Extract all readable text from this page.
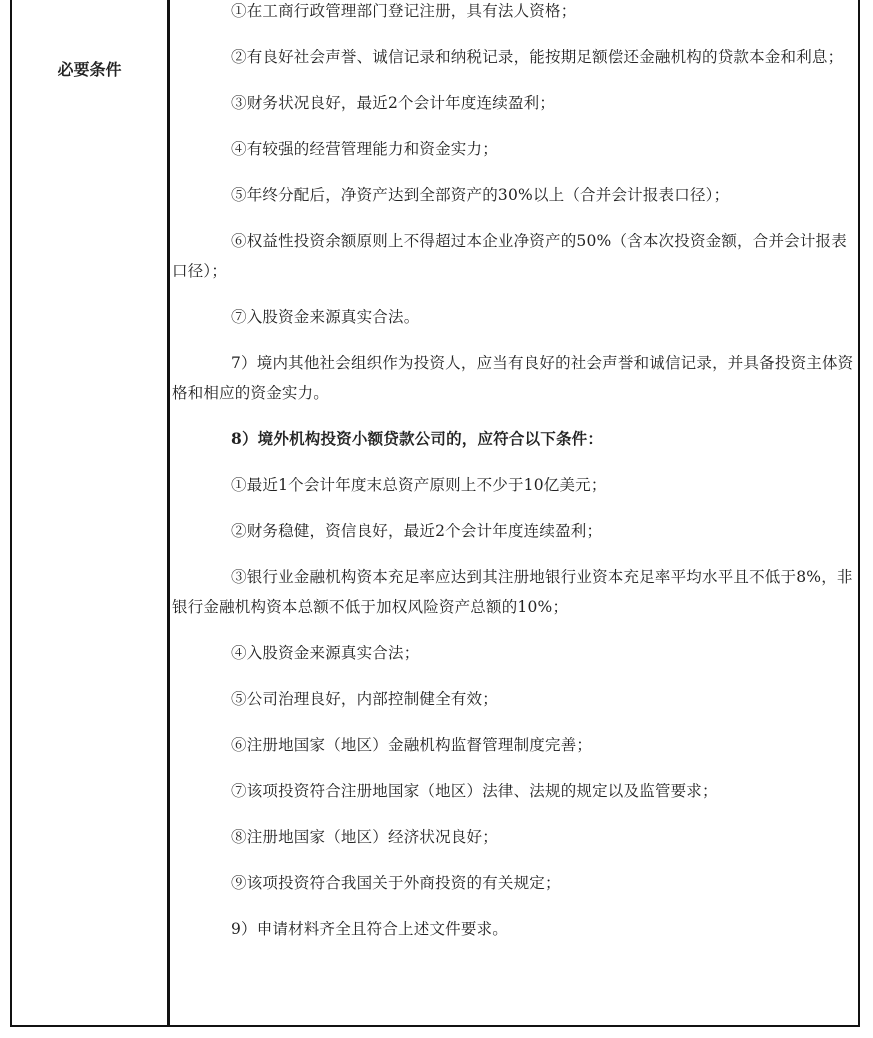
必要条件

①在工商行政管理部门登记注册，具有法人资格；

②有良好社会声誉、诚信记录和纳税记录，能按期足额偿还金融机构的贷款本金和利息；

③财务状况良好，最近2个会计年度连续盈利；

④有较强的经营管理能力和资金实力；

⑤年终分配后，净资产达到全部资产的30%以上（合并会计报表口径）；

⑥权益性投资余额原则上不得超过本企业净资产的50%（含本次投资金额，合并会计报表口径）；

⑦入股资金来源真实合法。

7）境内其他社会组织作为投资人，应当有良好的社会声誉和诚信记录，并具备投资主体资格和相应的资金实力。

8）境外机构投资小额贷款公司的，应符合以下条件：

①最近1个会计年度末总资产原则上不少于10亿美元；

②财务稳健，资信良好，最近2个会计年度连续盈利；

③银行业金融机构资本充足率应达到其注册地银行业资本充足率平均水平且不低于8%，非银行金融机构资本总额不低于加权风险资产总额的10%；

④入股资金来源真实合法；

⑤公司治理良好，内部控制健全有效；

⑥注册地国家（地区）金融机构监督管理制度完善；

⑦该项投资符合注册地国家（地区）法律、法规的规定以及监管要求；

⑧注册地国家（地区）经济状况良好；

⑨该项投资符合我国关于外商投资的有关规定；

9）申请材料齐全且符合上述文件要求。
